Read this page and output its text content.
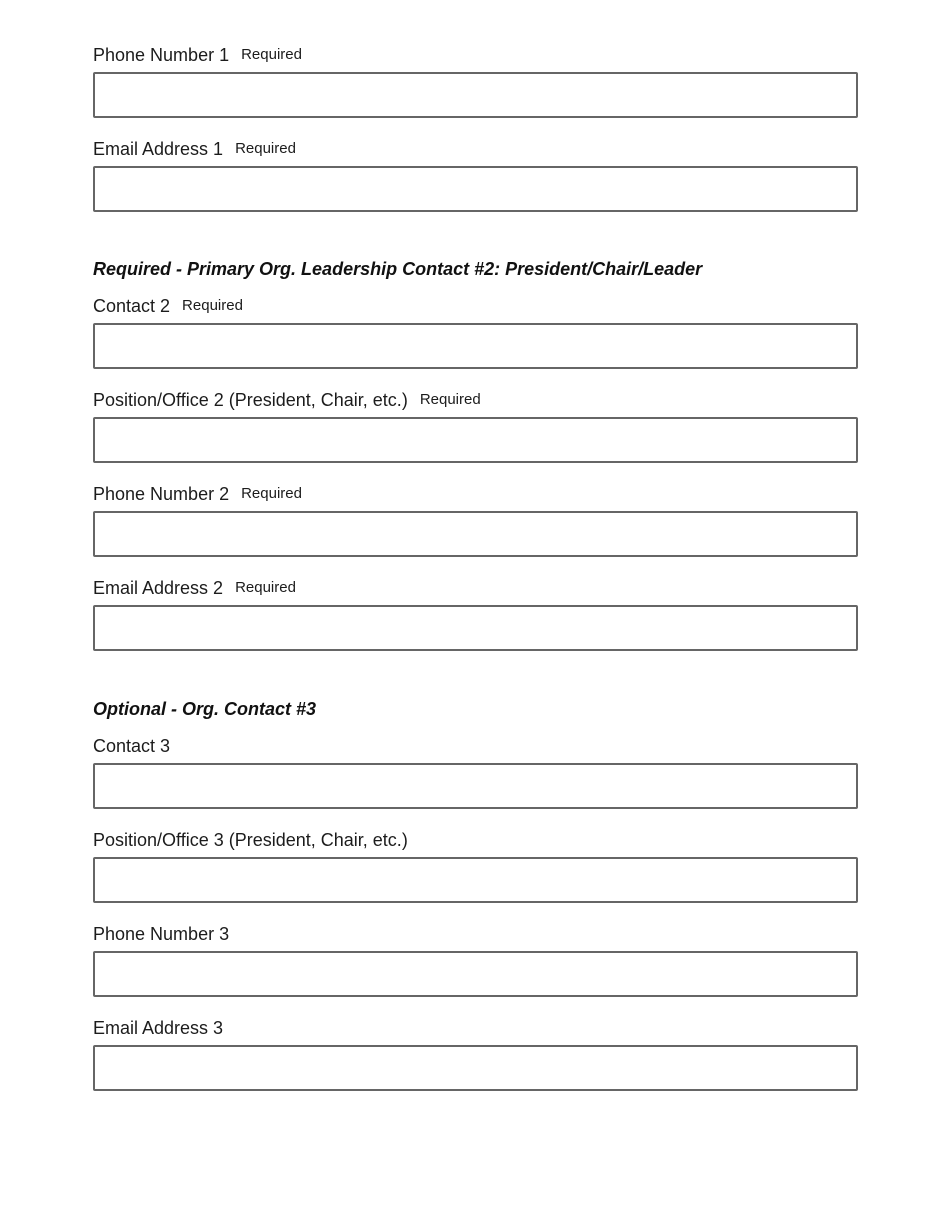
Phone Number 1 Required
Email Address 1 Required
Required - Primary Org. Leadership Contact #2: President/Chair/Leader
Contact 2 Required
Position/Office 2 (President, Chair, etc.) Required
Phone Number 2 Required
Email Address 2 Required
Optional - Org. Contact #3
Contact 3
Position/Office 3 (President, Chair, etc.)
Phone Number 3
Email Address 3
